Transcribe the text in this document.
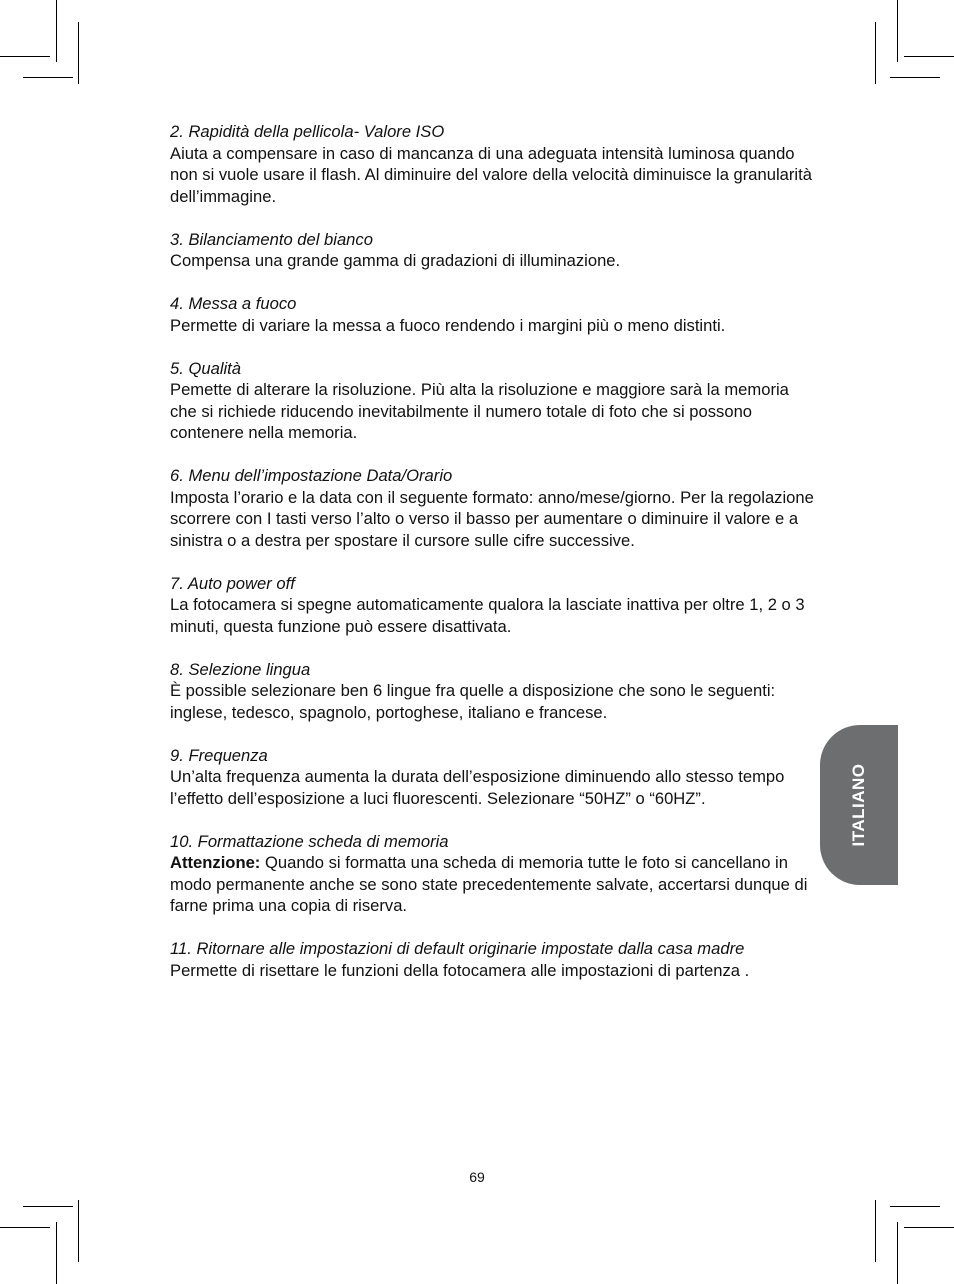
2. Rapidità della pellicola- Valore ISO
Aiuta a compensare in caso di mancanza di una adeguata intensità luminosa quando non si vuole usare il flash. Al diminuire del valore della velocità diminuisce la granularità dell’immagine.
3. Bilanciamento del bianco
Compensa una grande gamma di gradazioni di illuminazione.
4. Messa a fuoco
Permette di variare la messa a fuoco rendendo i margini più o meno distinti.
5. Qualità
Pemette di alterare la risoluzione. Più alta la risoluzione e maggiore sarà la memoria che si richiede riducendo inevitabilmente il numero totale di foto che si possono contenere nella memoria.
6. Menu dell’impostazione Data/Orario
Imposta l’orario e la data con il seguente formato: anno/mese/giorno. Per la regolazione scorrere con I tasti verso l’alto o verso il basso per aumentare o diminuire il valore e a sinistra o a destra per spostare il cursore sulle cifre successive.
7. Auto power off
La fotocamera si spegne automaticamente qualora la lasciate inattiva per oltre 1, 2 o 3 minuti, questa funzione può essere disattivata.
8. Selezione lingua
È possible selezionare ben 6 lingue fra quelle a disposizione che sono le seguenti: inglese, tedesco, spagnolo, portoghese, italiano e francese.
9. Frequenza
Un’alta frequenza aumenta la durata dell’esposizione diminuendo allo stesso tempo l’effetto dell’esposizione a luci fluorescenti. Selezionare “50HZ” o “60HZ”.
10. Formattazione scheda di memoria
Attenzione: Quando si formatta una scheda di memoria tutte le foto si cancellano in modo permanente anche se sono state precedentemente salvate, accertarsi dunque di farne prima una copia di riserva.
11. Ritornare alle impostazioni di default originarie impostate dalla casa madre
Permette di risettare le funzioni della fotocamera alle impostazioni di partenza .
ITALIANO
69
